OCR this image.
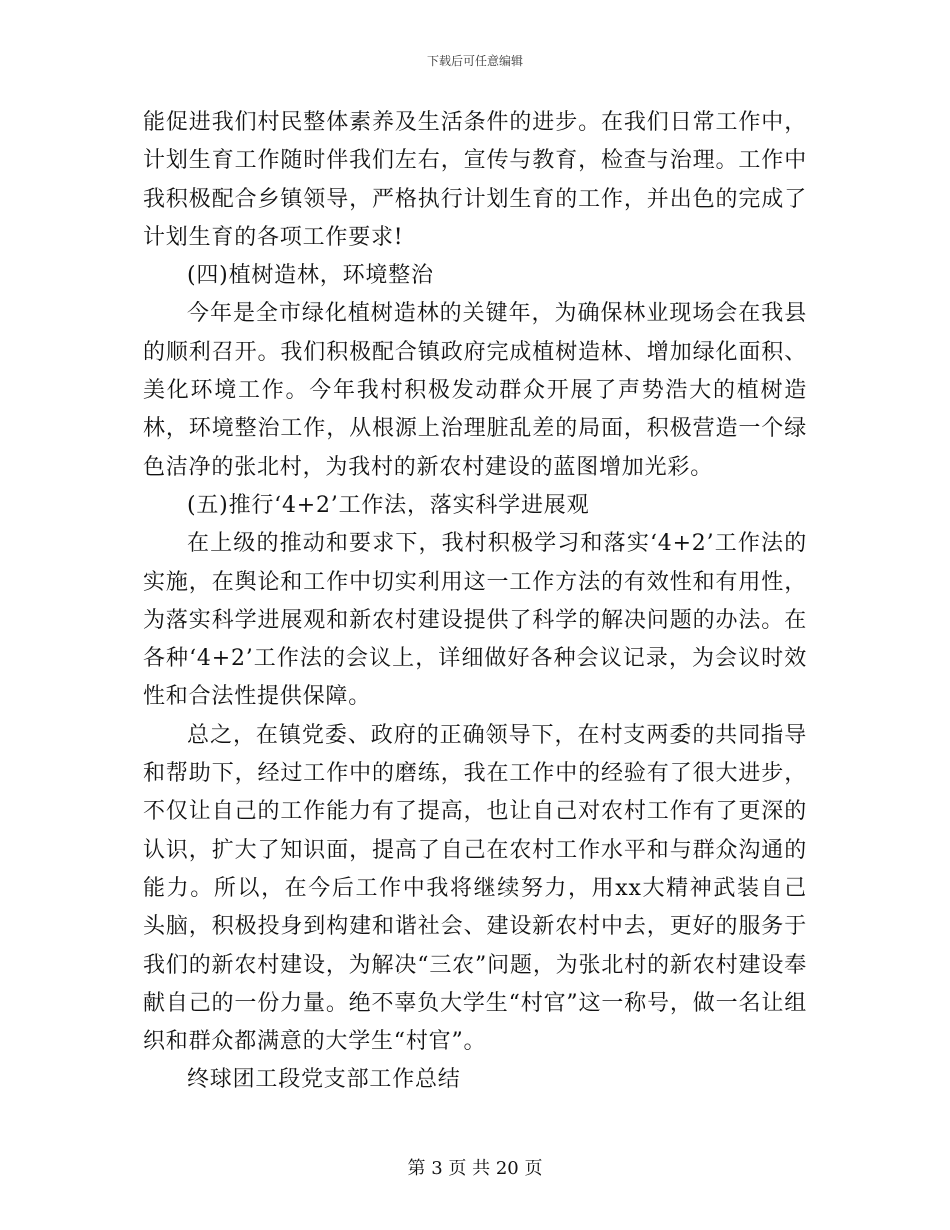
下载后可任意编辑

能促进我们村民整体素养及生活条件的进步。在我们日常工作中，计划生育工作随时伴我们左右，宣传与教育，检查与治理。工作中我积极配合乡镇领导，严格执行计划生育的工作，并出色的完成了计划生育的各项工作要求!

(四)植树造林，环境整治

今年是全市绿化植树造林的关键年，为确保林业现场会在我县的顺利召开。我们积极配合镇政府完成植树造林、增加绿化面积、美化环境工作。今年我村积极发动群众开展了声势浩大的植树造林，环境整治工作，从根源上治理脏乱差的局面，积极营造一个绿色洁净的张北村，为我村的新农村建设的蓝图增加光彩。

(五)推行‘4+2’工作法，落实科学进展观

在上级的推动和要求下，我村积极学习和落实‘4+2’工作法的实施，在舆论和工作中切实利用这一工作方法的有效性和有用性，为落实科学进展观和新农村建设提供了科学的解决问题的办法。在各种‘4+2’工作法的会议上，详细做好各种会议记录，为会议时效性和合法性提供保障。

总之，在镇党委、政府的正确领导下，在村支两委的共同指导和帮助下，经过工作中的磨练，我在工作中的经验有了很大进步，不仅让自己的工作能力有了提高，也让自己对农村工作有了更深的认识，扩大了知识面，提高了自己在农村工作水平和与群众沟通的能力。所以，在今后工作中我将继续努力，用xx大精神武装自己头脑，积极投身到构建和谐社会、建设新农村中去，更好的服务于我们的新农村建设，为解决“三农”问题，为张北村的新农村建设奉献自己的一份力量。绝不辜负大学生“村官”这一称号，做一名让组织和群众都满意的大学生“村官”。

终球团工段党支部工作总结

第 3 页 共 20 页
